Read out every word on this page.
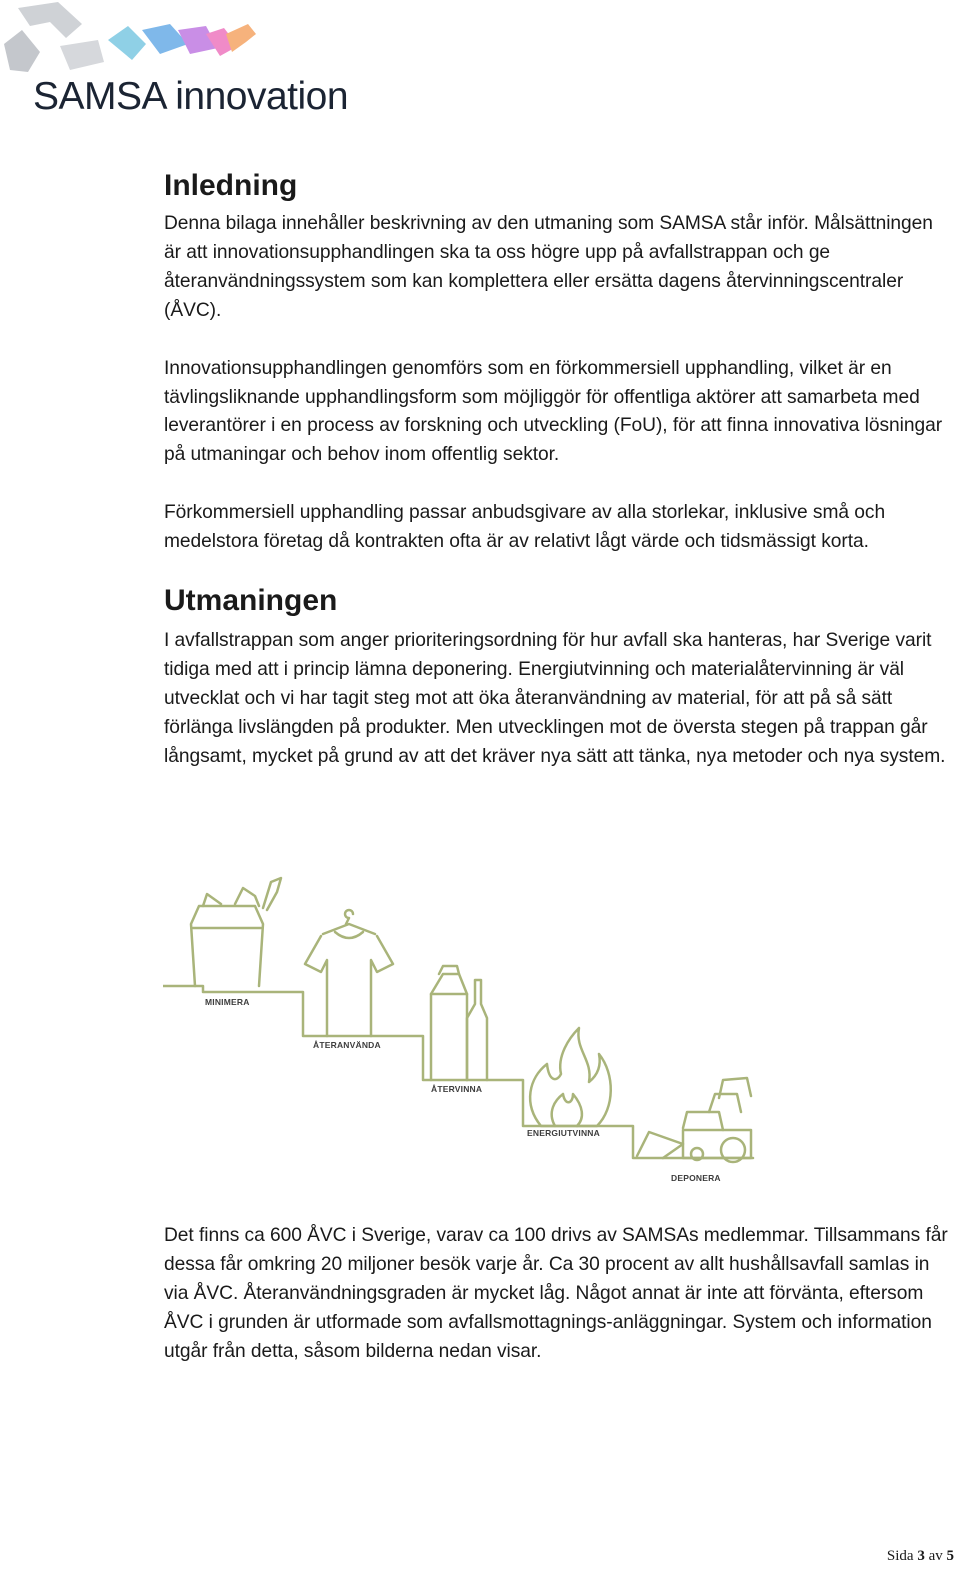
SAMSA innovation
Inledning

Denna bilaga innehåller beskrivning av den utmaning som SAMSA står inför. Målsättningen är att innovationsupphandlingen ska ta oss högre upp på avfallstrappan och ge återanvändningssystem som kan komplettera eller ersätta dagens återvinningscentraler (ÅVC).

Innovationsupphandlingen genomförs som en förkommersiell upphandling, vilket är en tävlingsliknande upphandlingsform som möjliggör för offentliga aktörer att samarbeta med leverantörer i en process av forskning och utveckling (FoU), för att finna innovativa lösningar på utmaningar och behov inom offentlig sektor.

Förkommersiell upphandling passar anbudsgivare av alla storlekar, inklusive små och medelstora företag då kontrakten ofta är av relativt lågt värde och tidsmässigt korta.

Utmaningen

I avfallstrappan som anger prioriteringsordning för hur avfall ska hanteras, har Sverige varit tidiga med att i princip lämna deponering. Energiutvinning och materialåtervinning är väl utvecklat och vi har tagit steg mot att öka återanvändning av material, för att på så sätt förlänga livslängden på produkter. Men utvecklingen mot de översta stegen på trappan går långsamt, mycket på grund av att det kräver nya sätt att tänka, nya metoder och nya system.

MINIMERA
ÅTERANVÄNDA
ÅTERVINNA
ENERGIUTVINNA
DEPONERA

Det finns ca 600 ÅVC i Sverige, varav ca 100 drivs av SAMSAs medlemmar. Tillsammans får dessa får omkring 20 miljoner besök varje år. Ca 30 procent av allt hushållsavfall samlas in via ÅVC. Återanvändningsgraden är mycket låg. Något annat är inte att förvänta, eftersom ÅVC i grunden är utformade som avfallsmottagnings-anläggningar. System och information utgår från detta, såsom bilderna nedan visar.

Sida 3 av 5
